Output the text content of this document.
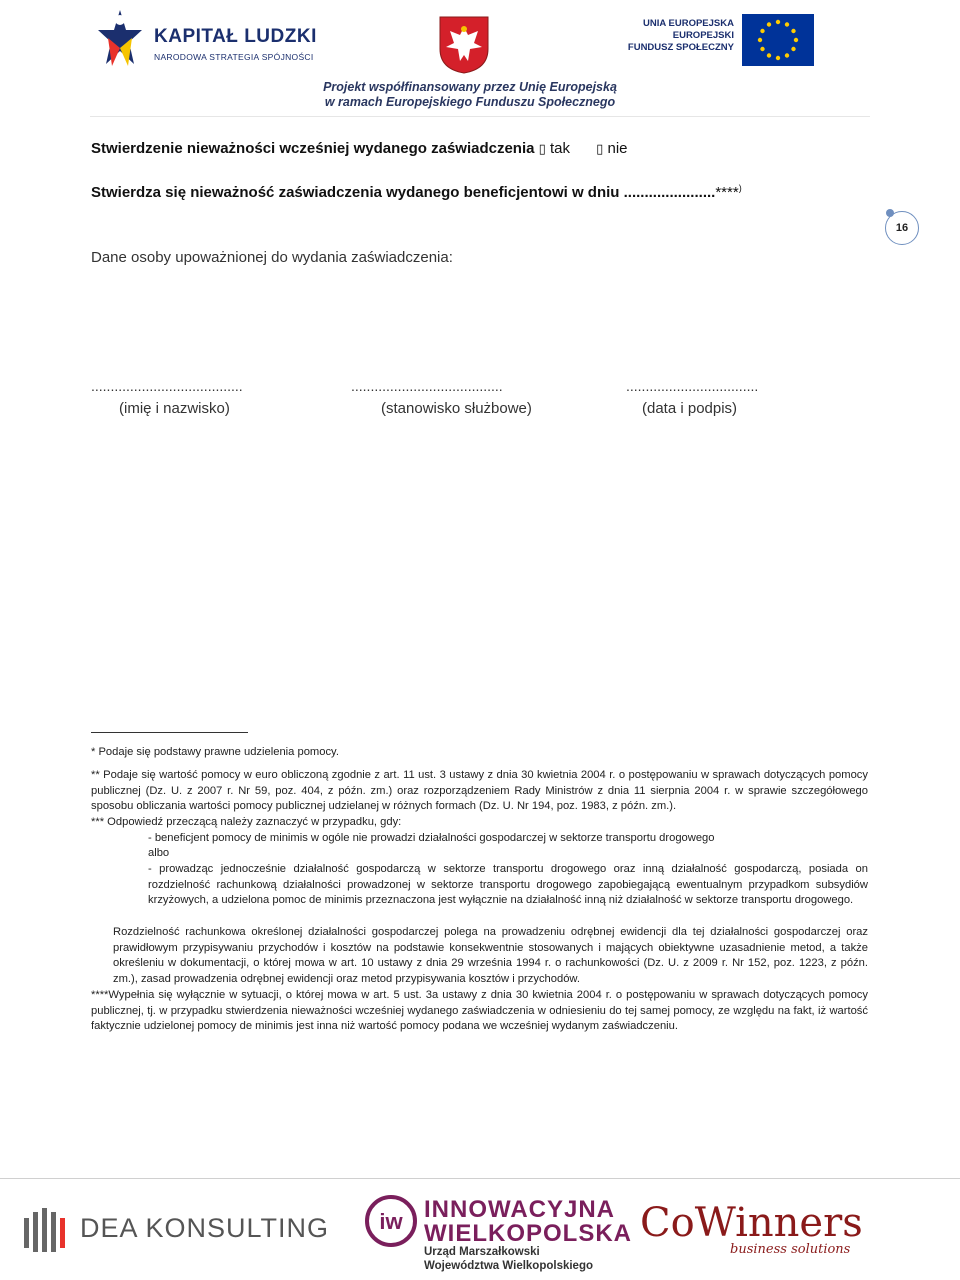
KAPITAŁ LUDZKI
NARODOWA STRATEGIA SPÓJNOŚCI
UNIA EUROPEJSKA
EUROPEJSKI
FUNDUSZ SPOŁECZNY
Projekt współfinansowany przez Unię Europejską
w ramach Europejskiego Funduszu Społecznego
16
Stwierdzenie nieważności wcześniej wydanego zaświadczenia ▯ tak ▯ nie
Stwierdza się nieważność zaświadczenia wydanego beneficjentowi w dniu ......................****)
Dane osoby upoważnionej do wydania zaświadczenia:
.......................................	.......................................	..................................
(imię i nazwisko)	(stanowisko służbowe)	(data i podpis)
* Podaje się podstawy prawne udzielenia pomocy.
** Podaje się wartość pomocy w euro obliczoną zgodnie z art. 11 ust. 3 ustawy z dnia 30 kwietnia 2004 r. o postępowaniu w sprawach dotyczących pomocy publicznej (Dz. U. z 2007 r. Nr 59, poz. 404, z późn. zm.) oraz rozporządzeniem Rady Ministrów z dnia 11 sierpnia 2004 r. w sprawie szczegółowego sposobu obliczania wartości pomocy publicznej udzielanej w różnych formach (Dz. U. Nr 194, poz. 1983, z późn. zm.).
*** Odpowiedź przeczącą należy zaznaczyć w przypadku, gdy:
- beneficjent pomocy de minimis w ogóle nie prowadzi działalności gospodarczej w sektorze transportu drogowego
albo
- prowadząc jednocześnie działalność gospodarczą w sektorze transportu drogowego oraz inną działalność gospodarczą, posiada on rozdzielność rachunkową działalności prowadzonej w sektorze transportu drogowego zapobiegającą ewentualnym przypadkom subsydiów krzyżowych, a udzielona pomoc de minimis przeznaczona jest wyłącznie na działalność inną niż działalność w sektorze transportu drogowego.
Rozdzielność rachunkowa określonej działalności gospodarczej polega na prowadzeniu odrębnej ewidencji dla tej działalności gospodarczej oraz prawidłowym przypisywaniu przychodów i kosztów na podstawie konsekwentnie stosowanych i mających obiektywne uzasadnienie metod, a także określeniu w dokumentacji, o której mowa w art. 10 ustawy z dnia 29 września 1994 r. o rachunkowości (Dz. U. z 2009 r. Nr 152, poz. 1223, z późn. zm.), zasad prowadzenia odrębnej ewidencji oraz metod przypisywania kosztów i przychodów.
****Wypełnia się wyłącznie w sytuacji, o której mowa w art. 5 ust. 3a ustawy z dnia 30 kwietnia 2004 r. o postępowaniu w sprawach dotyczących pomocy publicznej, tj. w przypadku stwierdzenia nieważności wcześniej wydanego zaświadczenia w odniesieniu do tej samej pomocy, ze względu na fakt, iż wartość faktycznie udzielonej pomocy de minimis jest inna niż wartość pomocy podana we wcześniej wydanym zaświadczeniu.
DEA KONSULTING iw INNOWACYJNA
WIELKOPOLSKA
Urząd Marszałkowski
Województwa Wielkopolskiego
CoWinners
business solutions
